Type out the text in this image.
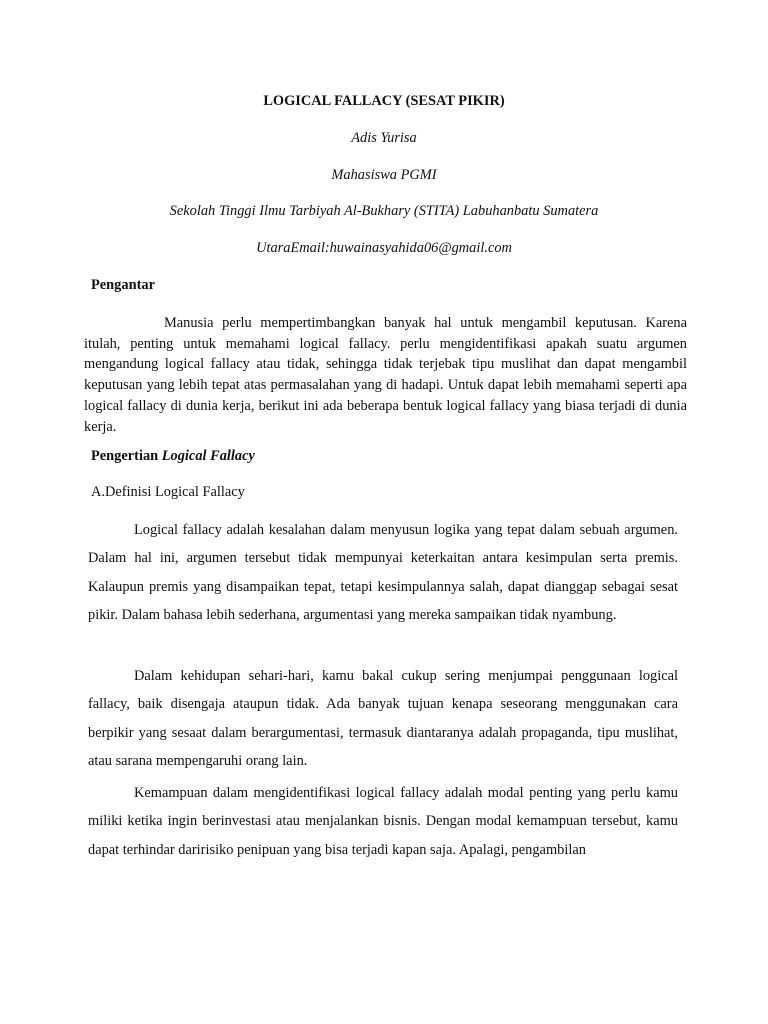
LOGICAL FALLACY (SESAT PIKIR)

Adis Yurisa

Mahasiswa PGMI

Sekolah Tinggi Ilmu Tarbiyah Al-Bukhary (STITA) Labuhanbatu Sumatera

UtaraEmail:huwainasyahida06@gmail.com

Pengantar

Manusia perlu mempertimbangkan banyak hal untuk mengambil keputusan. Karena itulah, penting untuk memahami logical fallacy. perlu mengidentifikasi apakah suatu argumen mengandung logical fallacy atau tidak, sehingga tidak terjebak tipu muslihat dan dapat mengambil keputusan yang lebih tepat atas permasalahan yang di hadapi. Untuk dapat lebih memahami seperti apa logical fallacy di dunia kerja, berikut ini ada beberapa bentuk logical fallacy yang biasa terjadi di dunia kerja.

Pengertian Logical Fallacy

A.Definisi Logical Fallacy

Logical fallacy adalah kesalahan dalam menyusun logika yang tepat dalam sebuah argumen. Dalam hal ini, argumen tersebut tidak mempunyai keterkaitan antara kesimpulan serta premis. Kalaupun premis yang disampaikan tepat, tetapi kesimpulannya salah, dapat dianggap sebagai sesat pikir. Dalam bahasa lebih sederhana, argumentasi yang mereka sampaikan tidak nyambung.

Dalam kehidupan sehari-hari, kamu bakal cukup sering menjumpai penggunaan logical fallacy, baik disengaja ataupun tidak. Ada banyak tujuan kenapa seseorang menggunakan cara berpikir yang sesaat dalam berargumentasi, termasuk diantaranya adalah propaganda, tipu muslihat, atau sarana mempengaruhi orang lain.

Kemampuan dalam mengidentifikasi logical fallacy adalah modal penting yang perlu kamu miliki ketika ingin berinvestasi atau menjalankan bisnis. Dengan modal kemampuan tersebut, kamu dapat terhindar daririsiko penipuan yang bisa terjadi kapan saja. Apalagi, pengambilan
